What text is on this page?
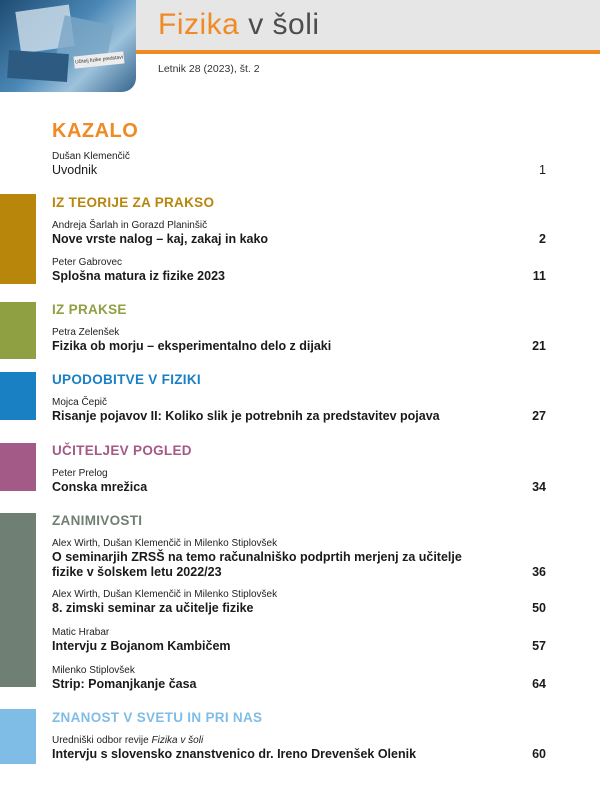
Učitelj fizike predstavi
Fizika v šoli
Letnik 28 (2023), št. 2
KAZALO
Dušan Klemenčič
Uvodnik	1
IZ TEORIJE ZA PRAKSO
Andreja Šarlah in Gorazd Planinšič
Nove vrste nalog – kaj, zakaj in kako	2
Peter Gabrovec
Splošna matura iz fizike 2023	11
IZ PRAKSE
Petra Zelenšek
Fizika ob morju – eksperimentalno delo z dijaki	21
UPODOBITVE V FIZIKI
Mojca Čepič
Risanje pojavov II: Koliko slik je potrebnih za predstavitev pojava	27
UČITELJEV POGLED
Peter Prelog
Conska mrežica	34
ZANIMIVOSTI
Alex Wirth, Dušan Klemenčič in Milenko Stiplovšek
O seminarjih ZRSŠ na temo računalniško podprtih merjenj za učitelje fizike v šolskem letu 2022/23	36
Alex Wirth, Dušan Klemenčič in Milenko Stiplovšek
8. zimski seminar za učitelje fizike	50
Matic Hrabar
Intervju z Bojanom Kambičem	57
Milenko Stiplovšek
Strip: Pomanjkanje časa	64
ZNANOST V SVETU IN PRI NAS
Uredniški odbor revije Fizika v šoli
Intervju s slovensko znanstvenico dr. Ireno Drevenšek Olenik	60
